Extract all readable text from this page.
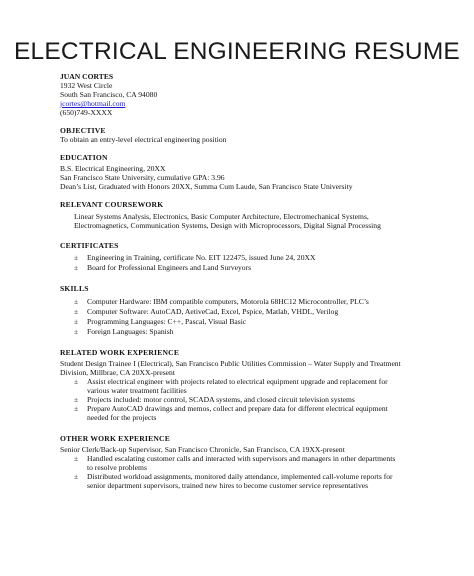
ELECTRICAL ENGINEERING RESUME
JUAN CORTES
1932 West Circle
South San Francisco, CA 94080
jcortes@hotmail.com
(650)749-XXXX
OBJECTIVE
To obtain an entry-level electrical engineering position
EDUCATION
B.S. Electrical Engineering, 20XX
San Francisco State University, cumulative GPA: 3.96
Dean’s List, Graduated with Honors 20XX, Summa Cum Laude, San Francisco State University
RELEVANT COURSEWORK
Linear Systems Analysis, Electronics, Basic Computer Architecture, Electromechanical Systems,
Electromagnetics, Communication Systems, Design with Microprocessors, Digital Signal Processing
CERTIFICATES
± Engineering in Training, certificate No. EIT 122475, issued June 24, 20XX
± Board for Professional Engineers and Land Surveyors
SKILLS
± Computer Hardware: IBM compatible computers, Motorola 68HC12 Microcontroller, PLC’s
± Computer Software: AutoCAD, AetiveCad, Excel, Pspice, Matlab, VHDL, Verilog
± Programming Languages: C++, Pascal, Visual Basic
± Foreign Languages: Spanish
RELATED WORK EXPERIENCE
Student Design Trainee I (Electrical), San Francisco Public Utilities Commission – Water Supply and Treatment
Division, Millbrae, CA 20XX-present
± Assist electrical engineer with projects related to electrical equipment upgrade and replacement for
various water treatment facilities
± Projects included: motor control, SCADA systems, and closed circuit television systems
± Prepare AutoCAD drawings and memos, collect and prepare data for different electrical equipment
needed for the projects
OTHER WORK EXPERIENCE
Senior Clerk/Back-up Supervisor, San Francisco Chronicle, San Francisco, CA 19XX-present
± Handled escalating customer calls and interacted with supervisors and managers in other departments
to resolve problems
± Distributed workload assignments, monitored daily attendance, implemented call-volume reports for
senior department supervisors, trained new hires to become customer service representatives
